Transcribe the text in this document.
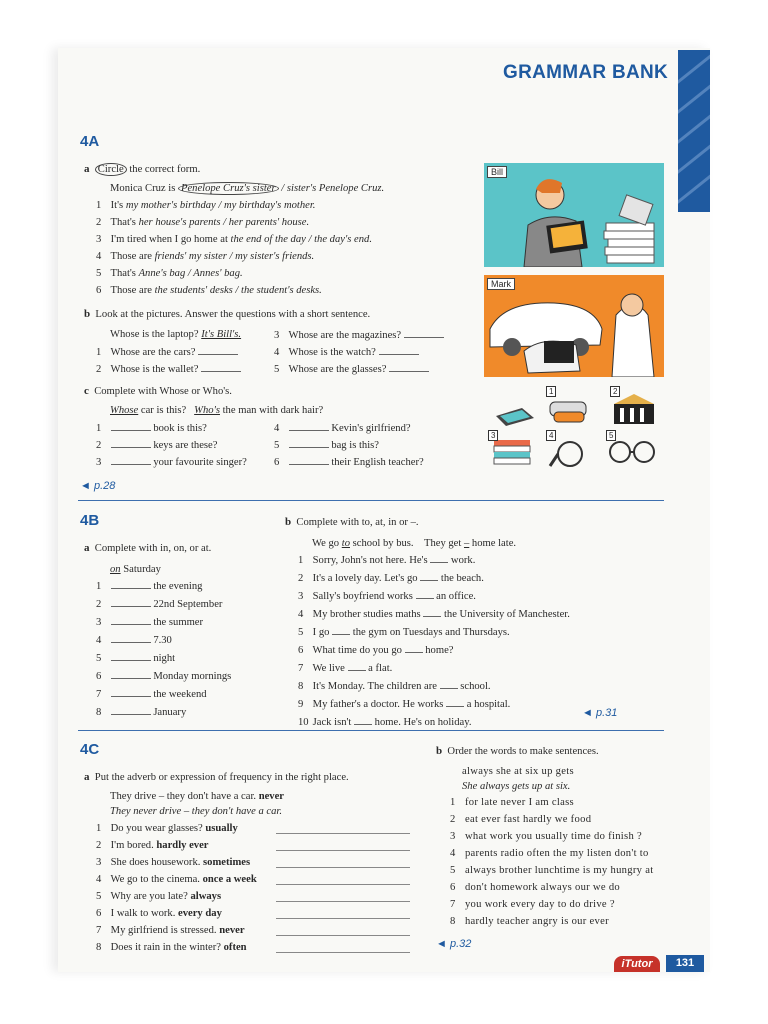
GRAMMAR BANK
4A
a Circle the correct form.
Monica Cruz is Penelope Cruz's sister / sister's Penelope Cruz.
1 It's my mother's birthday / my birthday's mother.
2 That's her house's parents / her parents' house.
3 I'm tired when I go home at the end of the day / the day's end.
4 Those are friends' my sister / my sister's friends.
5 That's Anne's bag / Annes' bag.
6 Those are the students' desks / the student's desks.
b Look at the pictures. Answer the questions with a short sentence.
Whose is the laptop? It's Bill's.
1 Whose are the cars?
2 Whose is the wallet?
3 Whose are the magazines?
4 Whose is the watch?
5 Whose are the glasses?
c Complete with Whose or Who's.
Whose car is this? Who's the man with dark hair?
1	book is this?
2	keys are these?
3	your favourite singer?
4	Kevin's girlfriend?
5	bag is this?
6	their English teacher?
Bill
Mark
1	2
3	4	5
◄ p.28
4B
a Complete with in, on, or at.
on Saturday
1	the evening
2	22nd September
3	the summer
4	7.30
5	night
6	Monday mornings
7	the weekend
8	January
b Complete with to, at, in or –.
We go to school by bus. They get – home late.
1 Sorry, John's not here. He's work.
2 It's a lovely day. Let's go the beach.
3 Sally's boyfriend works an office.
4 My brother studies maths the University of Manchester.
5 I go the gym on Tuesdays and Thursdays.
6 What time do you go home?
7 We live a flat.
8 It's Monday. The children are school.
9 My father's a doctor. He works a hospital.
10 Jack isn't home. He's on holiday.
◄ p.31
4C
a Put the adverb or expression of frequency in the right place.
They drive – they don't have a car. never
They never drive – they don't have a car.
1 Do you wear glasses? usually
2 I'm bored. hardly ever
3 She does housework. sometimes
4 We go to the cinema. once a week
5 Why are you late? always
6 I walk to work. every day
7 My girlfriend is stressed. never
8 Does it rain in the winter? often
b Order the words to make sentences.
always she at six up gets
She always gets up at six.
1 for late never I am class
2 eat ever fast hardly we food
3 what work you usually time do finish ?
4 parents radio often the my listen don't to
5 always brother lunchtime is my hungry at
6 don't homework always our we do
7 you work every day to do drive ?
8 hardly teacher angry is our ever
◄ p.32
iTutor	131
